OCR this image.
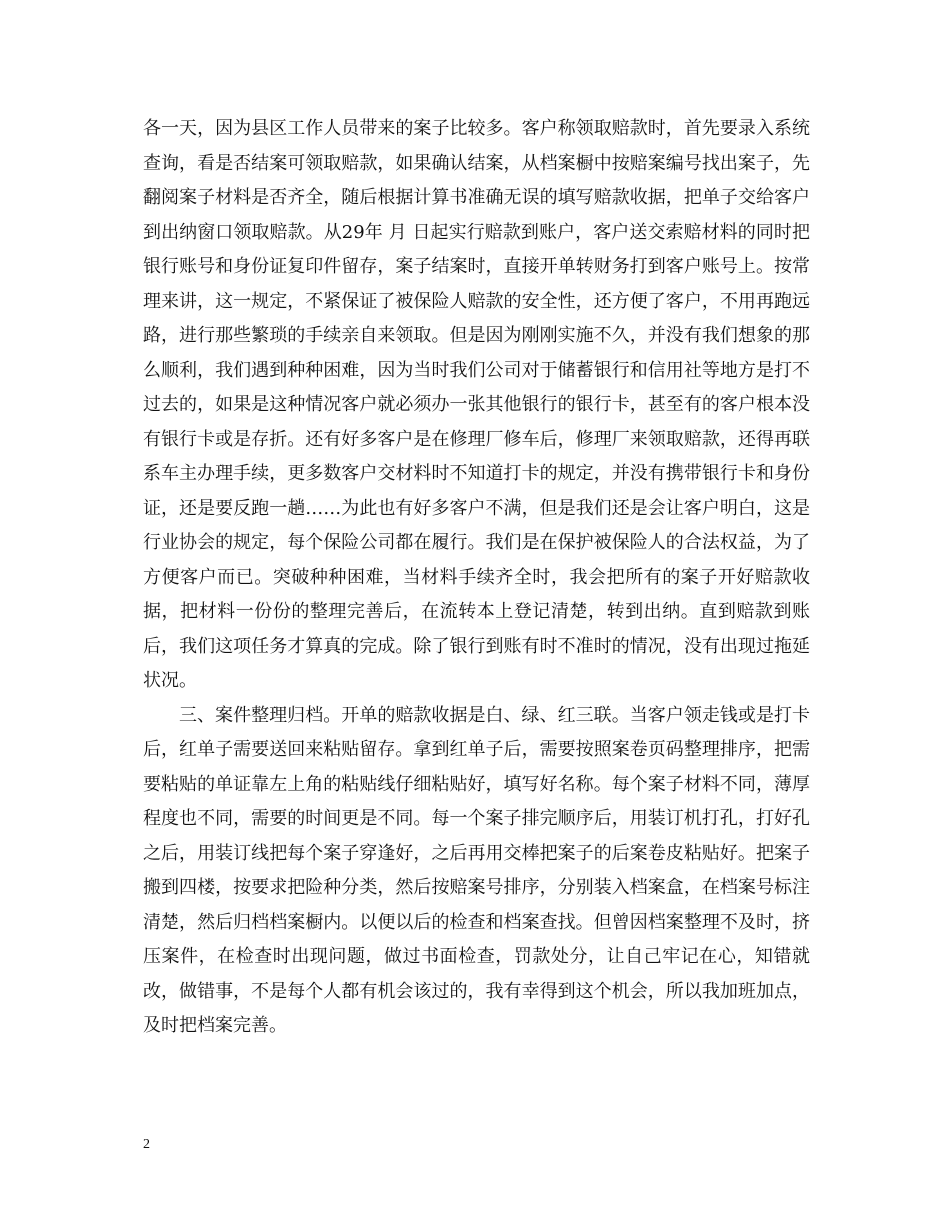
各一天，因为县区工作人员带来的案子比较多。客户称领取赔款时，首先要录入系统查询，看是否结案可领取赔款，如果确认结案，从档案橱中按赔案编号找出案子，先翻阅案子材料是否齐全，随后根据计算书准确无误的填写赔款收据，把单子交给客户到出纳窗口领取赔款。从29年 月 日起实行赔款到账户，客户送交索赔材料的同时把银行账号和身份证复印件留存，案子结案时，直接开单转财务打到客户账号上。按常理来讲，这一规定，不紧保证了被保险人赔款的安全性，还方便了客户，不用再跑远路，进行那些繁琐的手续亲自来领取。但是因为刚刚实施不久，并没有我们想象的那么顺利，我们遇到种种困难，因为当时我们公司对于储蓄银行和信用社等地方是打不过去的，如果是这种情况客户就必须办一张其他银行的银行卡，甚至有的客户根本没有银行卡或是存折。还有好多客户是在修理厂修车后，修理厂来领取赔款，还得再联系车主办理手续，更多数客户交材料时不知道打卡的规定，并没有携带银行卡和身份证，还是要反跑一趟……为此也有好多客户不满，但是我们还是会让客户明白，这是行业协会的规定，每个保险公司都在履行。我们是在保护被保险人的合法权益，为了方便客户而已。突破种种困难，当材料手续齐全时，我会把所有的案子开好赔款收据，把材料一份份的整理完善后，在流转本上登记清楚，转到出纳。直到赔款到账后，我们这项任务才算真的完成。除了银行到账有时不准时的情况，没有出现过拖延状况。

三、案件整理归档。开单的赔款收据是白、绿、红三联。当客户领走钱或是打卡后，红单子需要送回来粘贴留存。拿到红单子后，需要按照案卷页码整理排序，把需要粘贴的单证靠左上角的粘贴线仔细粘贴好，填写好名称。每个案子材料不同，薄厚程度也不同，需要的时间更是不同。每一个案子排完顺序后，用装订机打孔，打好孔之后，用装订线把每个案子穿逢好，之后再用交棒把案子的后案卷皮粘贴好。把案子搬到四楼，按要求把险种分类，然后按赔案号排序，分别装入档案盒，在档案号标注清楚，然后归档档案橱内。以便以后的检查和档案查找。但曾因档案整理不及时，挤压案件，在检查时出现问题，做过书面检查，罚款处分，让自己牢记在心，知错就改，做错事，不是每个人都有机会该过的，我有幸得到这个机会，所以我加班加点，及时把档案完善。

2
